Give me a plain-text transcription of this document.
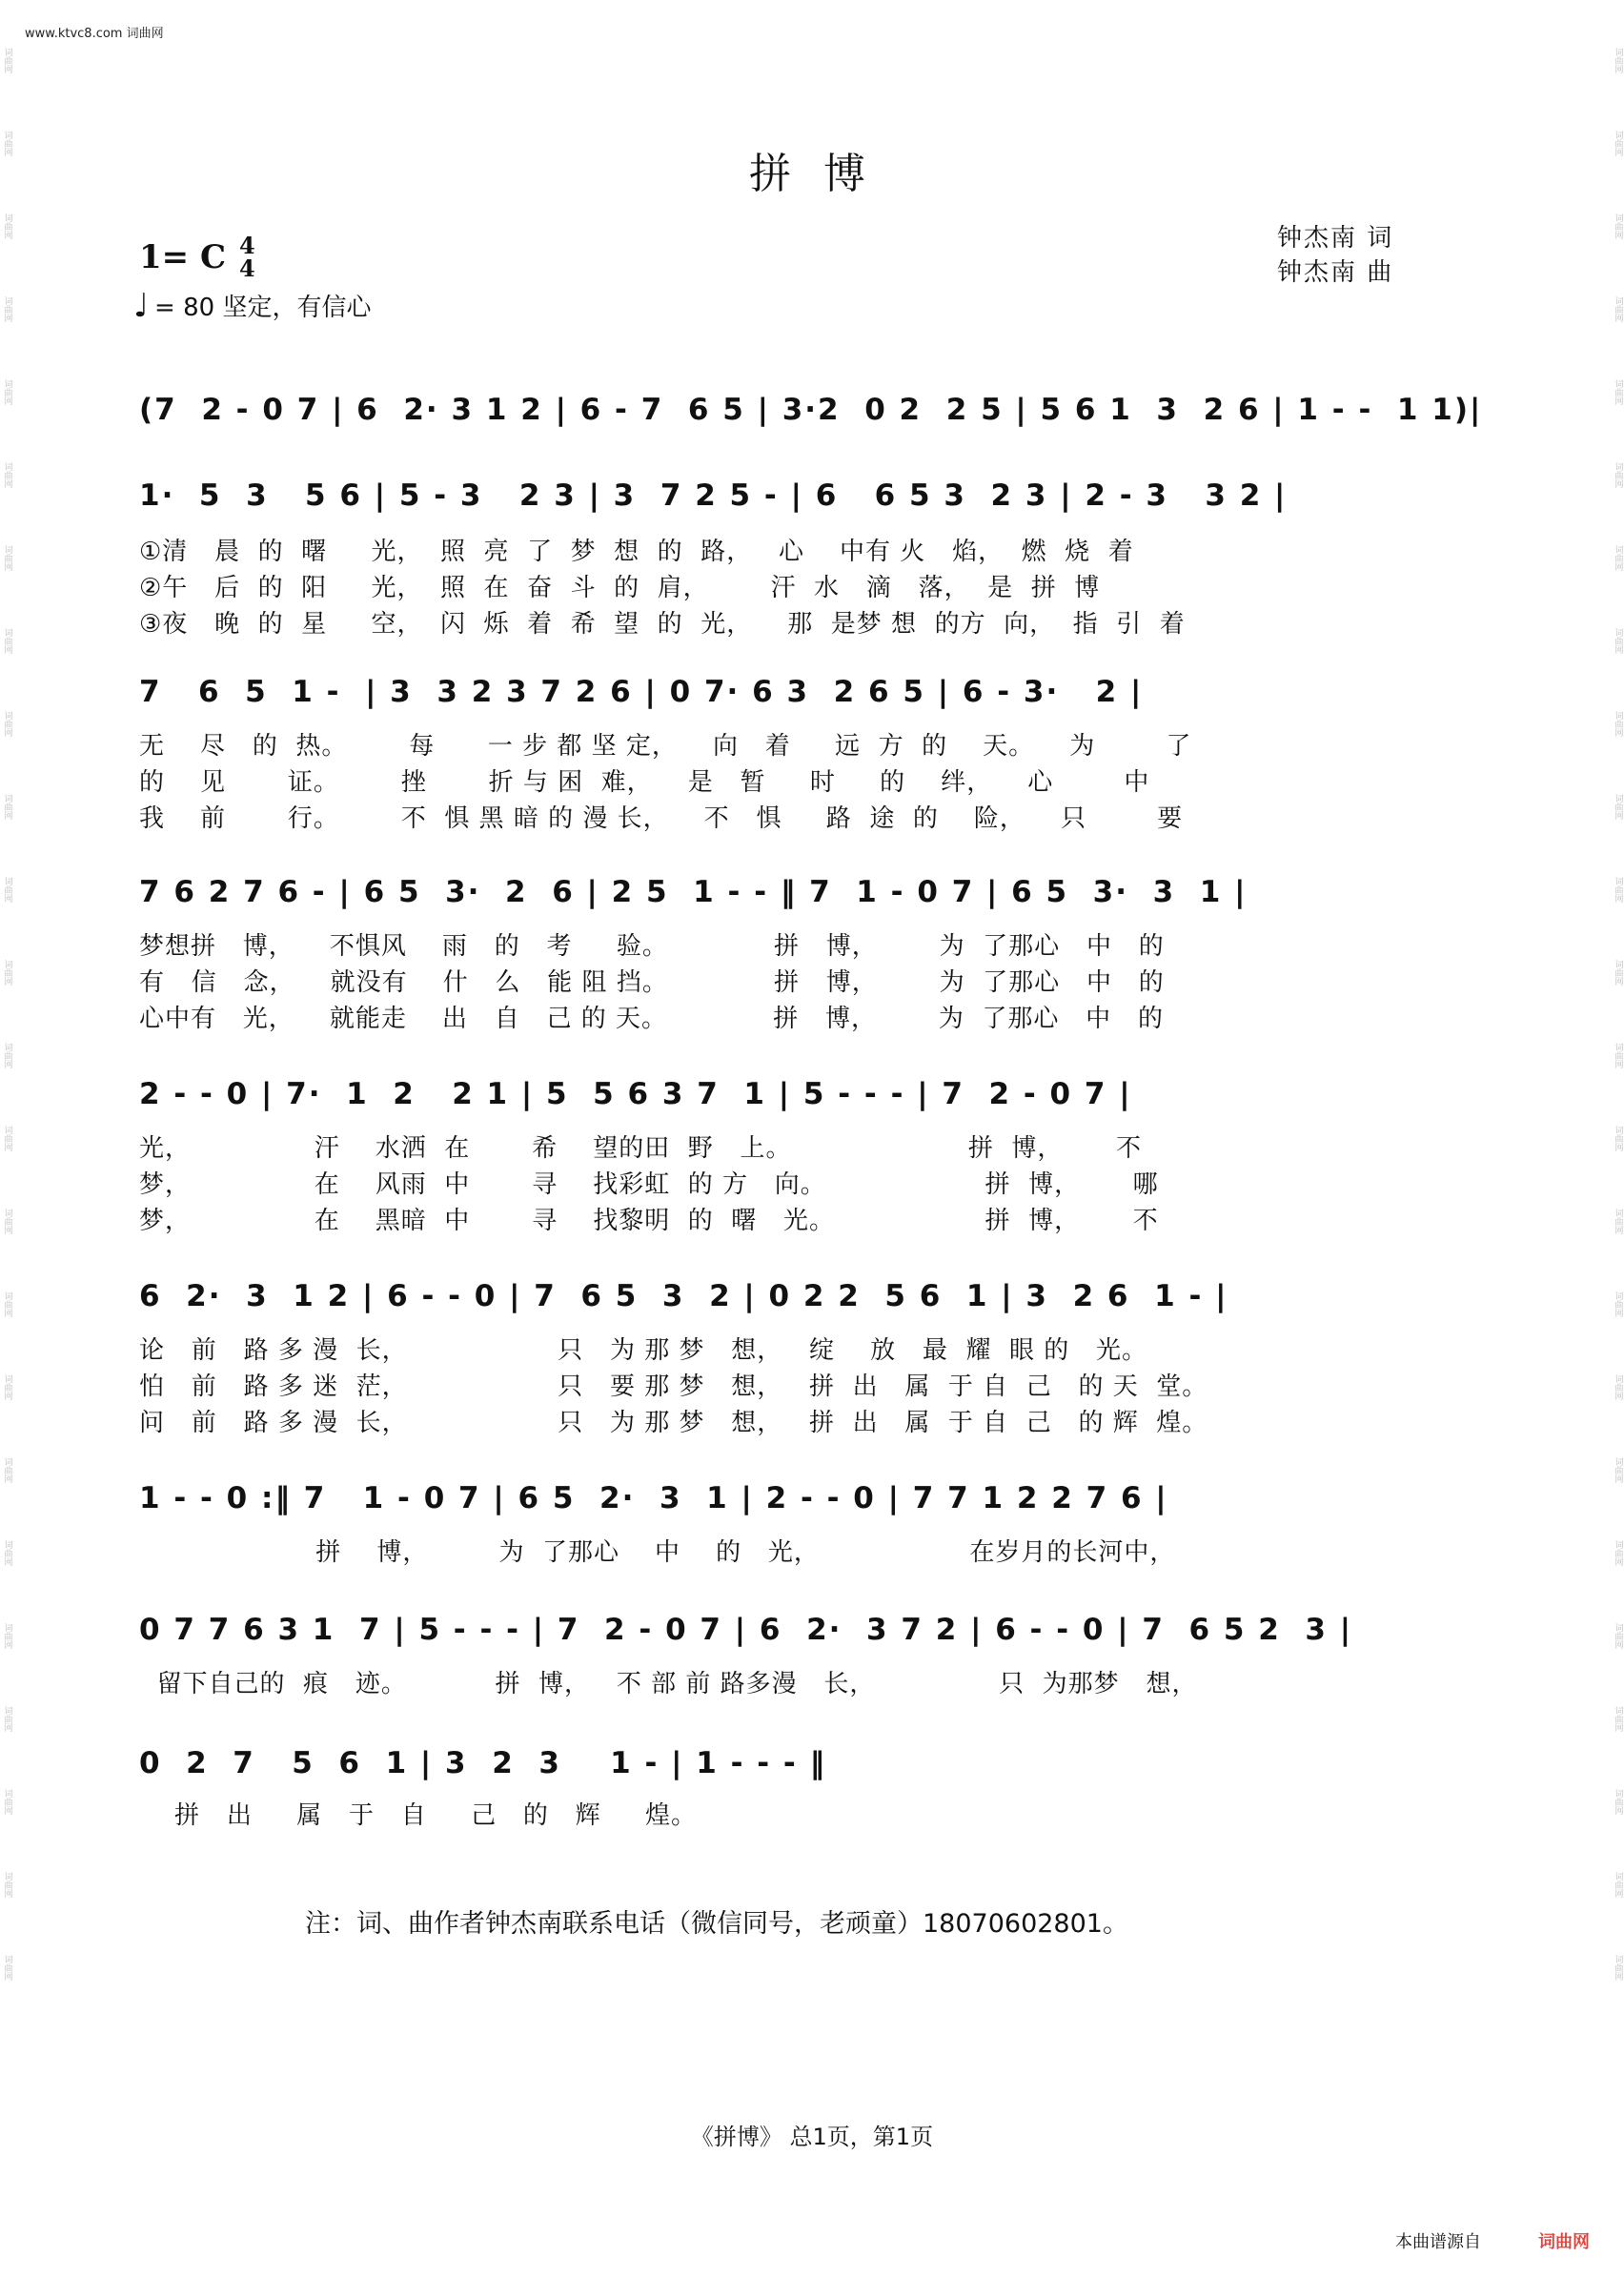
词曲网
词曲网
词曲网
词曲网
词曲网
词曲网
词曲网
词曲网
词曲网
词曲网
词曲网
词曲网
词曲网
词曲网
词曲网
词曲网
词曲网
词曲网
词曲网
词曲网
词曲网
词曲网
词曲网
词曲网
词曲网
词曲网
词曲网
词曲网
词曲网
词曲网
词曲网
词曲网
词曲网
词曲网
词曲网
词曲网
词曲网
词曲网
词曲网
词曲网
词曲网
词曲网
词曲网
词曲网
词曲网
词曲网
词曲网
词曲网
www.ktvc8.com 词曲网
拼 博
1= C 4
4
♩ = 80 坚定，有信心
钟杰南 词
钟杰南 曲
(7  2 - 0 7 | 6  2· 3 1 2 | 6 - 7  6 5 | 3·2  0 2  2 5 | 5 6 1  3  2 6 | 1 - -  1 1)|
1·  5  3   5 6 | 5 - 3   2 3 | 3  7 2 5 - | 6   6 5 3  2 3 | 2 - 3   3 2 |
①清   晨  的  曙     光，  照  亮  了  梦  想  的  路，   心    中有 火   焰，  燃  烧  着
②午   后  的  阳     光，  照  在  奋  斗  的  肩，       汗  水   滴   落，  是  拼  博
③夜   晚  的  星     空，  闪  烁  着  希  望  的  光，    那  是梦 想  的方  向，  指  引  着
7   6  5  1 -  | 3  3 2 3 7 2 6 | 0 7· 6 3  2 6 5 | 6 - 3·   2 |
无    尽   的  热。       每      一 步 都 坚 定，    向   着     远  方  的    天。    为        了
的    见       证。       挫       折 与 困  难，    是   暂     时     的    绊，    心        中
我    前       行。       不  惧 黑 暗 的 漫 长，    不   惧     路  途  的    险，    只        要
7 6 2 7 6 - | 6 5  3·  2  6 | 2 5  1 - - ‖ 7  1 - 0 7 | 6 5  3·  3  1 |
梦想拼   博，    不惧风    雨   的   考     验。            拼   博，       为  了那心   中   的
有   信   念，    就没有    什   么   能 阻 挡。            拼   博，       为  了那心   中   的
心中有   光，    就能走    出   自   己 的 天。            拼   博，       为  了那心   中   的
2 - - 0 | 7·  1  2   2 1 | 5  5 6 3 7  1 | 5 - - - | 7  2 - 0 7 |
光，              汗    水洒  在       希    望的田  野   上。                    拼  博，      不
梦，              在    风雨  中       寻    找彩虹  的 方   向。                  拼  博，      哪
梦，              在    黑暗  中       寻    找黎明  的  曙   光。                 拼  博，      不
6  2·  3  1 2 | 6 - - 0 | 7  6 5  3  2 | 0 2 2  5 6  1 | 3  2 6  1 - |
论   前   路 多 漫  长，                 只   为 那 梦   想，   绽    放   最  耀  眼 的   光。
怕   前   路 多 迷  茫，                 只   要 那 梦   想，   拼  出   属  于 自  己   的 天  堂。
问   前   路 多 漫  长，                 只   为 那 梦   想，   拼  出   属  于 自  己   的 辉  煌。
1 - - 0 :‖ 7   1 - 0 7 | 6 5  2·  3  1 | 2 - - 0 | 7 7 1 2 2 7 6 |
拼    博，        为  了那心    中    的   光，                 在岁月的长河中，
0 7 7 6 3 1  7 | 5 - - - | 7  2 - 0 7 | 6  2·  3 7 2 | 6 - - 0 | 7  6 5 2  3 |
留下自己的  痕   迹。          拼  博，   不 部 前 路多漫   长，              只  为那梦   想，
0  2  7   5  6  1 | 3  2  3    1 - | 1 - - - ‖
拼   出     属   于   自     己   的   辉     煌。
注：词、曲作者钟杰南联系电话（微信同号，老顽童）18070602801。
《拼博》 总1页，第1页
本曲谱源自	词曲网
